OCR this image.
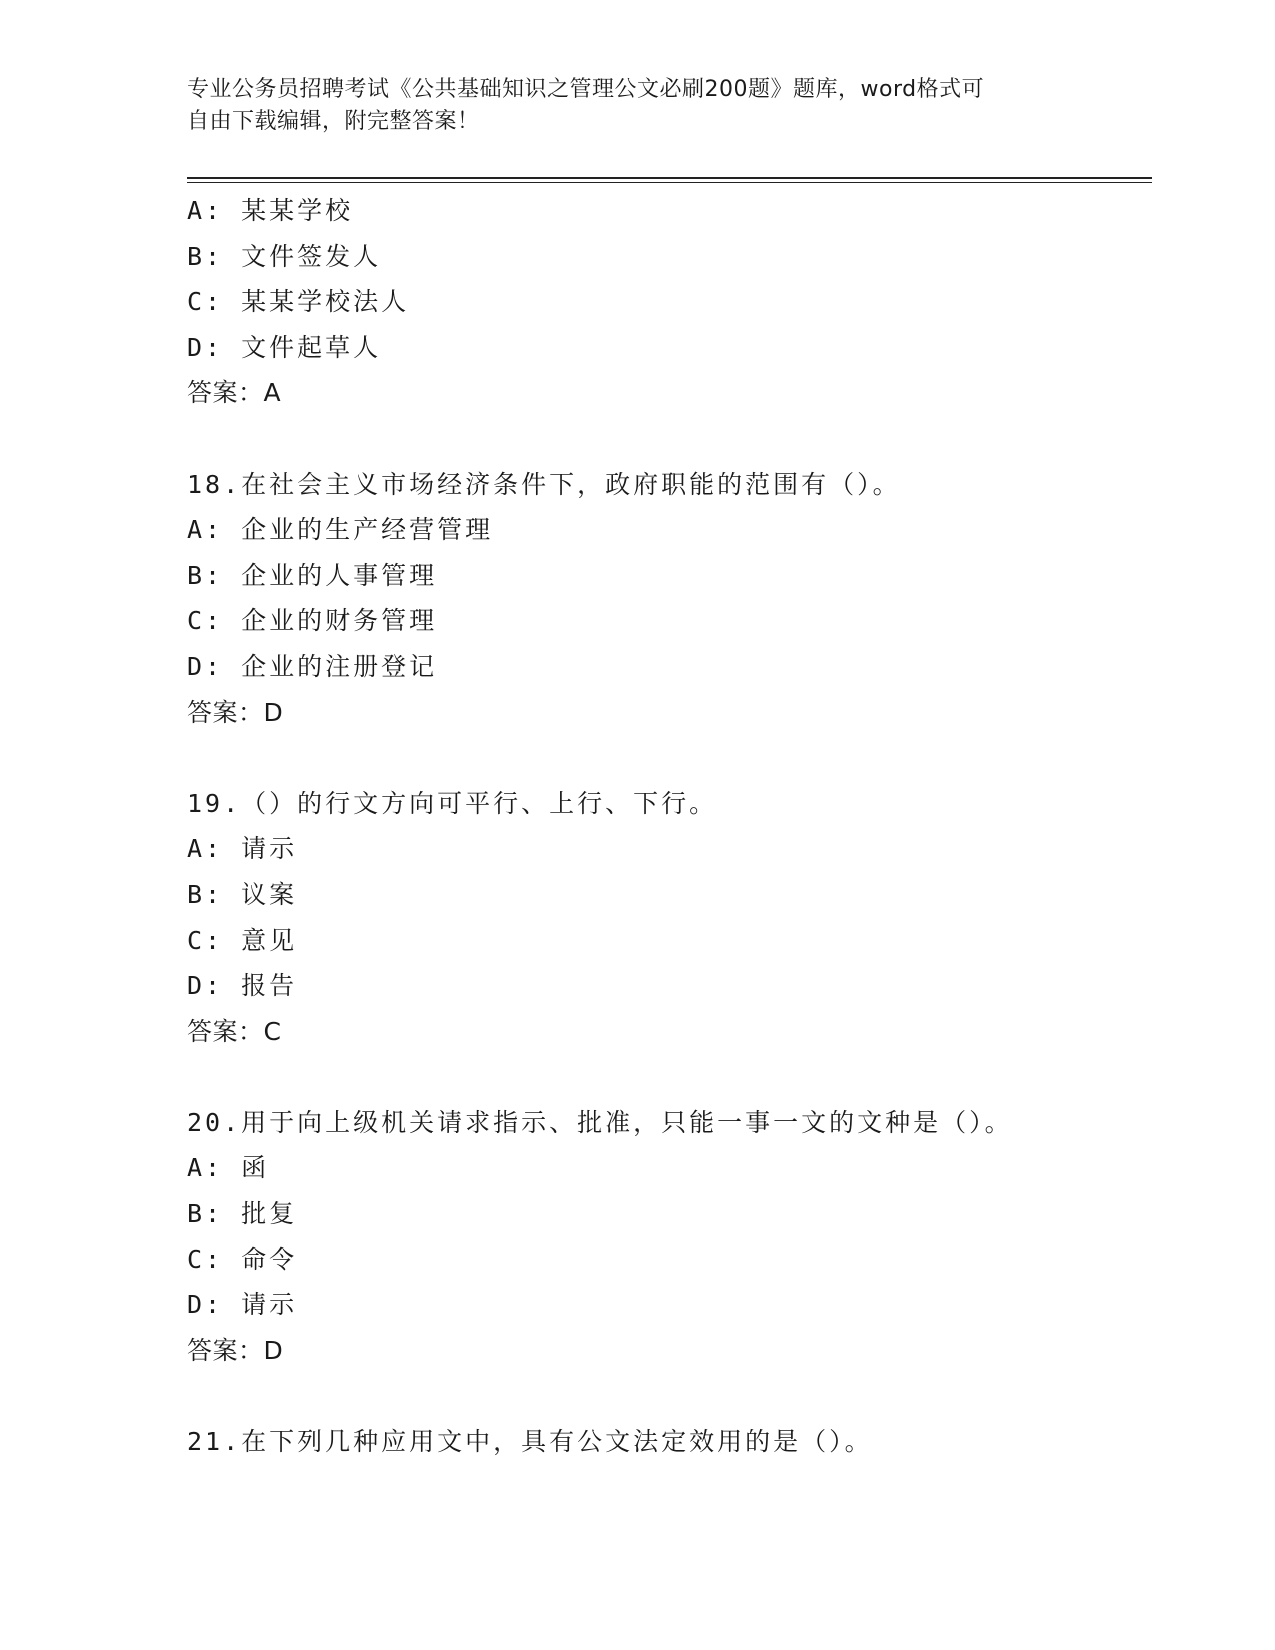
专业公务员招聘考试《公共基础知识之管理公文必刷200题》题库，word格式可
自由下载编辑，附完整答案！
A: 某某学校
B: 文件签发人
C: 某某学校法人
D: 文件起草人
答案：A
18.在社会主义市场经济条件下，政府职能的范围有（）。
A: 企业的生产经营管理
B: 企业的人事管理
C: 企业的财务管理
D: 企业的注册登记
答案：D
19.（）的行文方向可平行、上行、下行。
A: 请示
B: 议案
C: 意见
D: 报告
答案：C
20.用于向上级机关请求指示、批准，只能一事一文的文种是（）。
A: 函
B: 批复
C: 命令
D: 请示
答案：D
21.在下列几种应用文中，具有公文法定效用的是（）。
